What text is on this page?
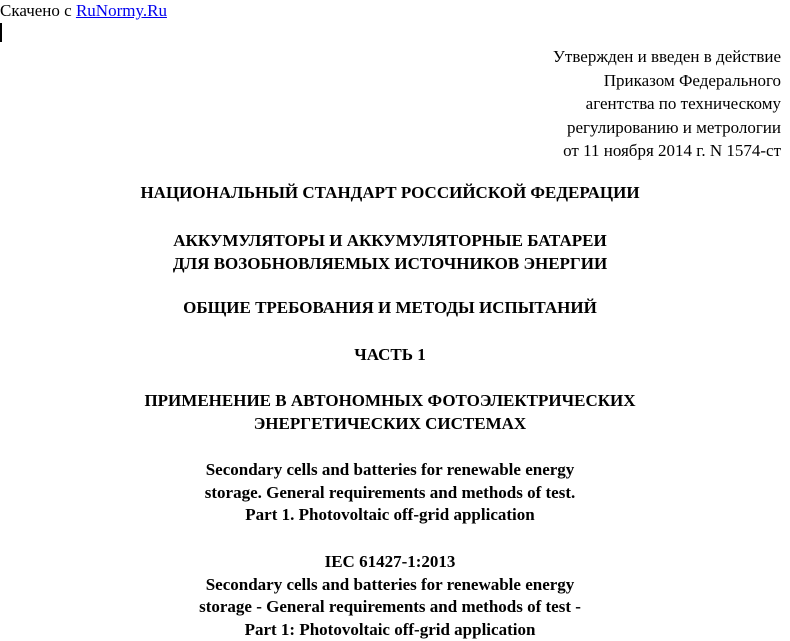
Скачено с RuNormy.Ru
Утвержден и введен в действие
Приказом Федерального
агентства по техническому
регулированию и метрологии
от 11 ноября 2014 г. N 1574-ст
НАЦИОНАЛЬНЫЙ СТАНДАРТ РОССИЙСКОЙ ФЕДЕРАЦИИ
АККУМУЛЯТОРЫ И АККУМУЛЯТОРНЫЕ БАТАРЕИ
ДЛЯ ВОЗОБНОВЛЯЕМЫХ ИСТОЧНИКОВ ЭНЕРГИИ
ОБЩИЕ ТРЕБОВАНИЯ И МЕТОДЫ ИСПЫТАНИЙ
ЧАСТЬ 1
ПРИМЕНЕНИЕ В АВТОНОМНЫХ ФОТОЭЛЕКТРИЧЕСКИХ
ЭНЕРГЕТИЧЕСКИХ СИСТЕМАХ
Secondary cells and batteries for renewable energy
storage. General requirements and methods of test.
Part 1. Photovoltaic off-grid application
IEC 61427-1:2013
Secondary cells and batteries for renewable energy
storage - General requirements and methods of test -
Part 1: Photovoltaic off-grid application
